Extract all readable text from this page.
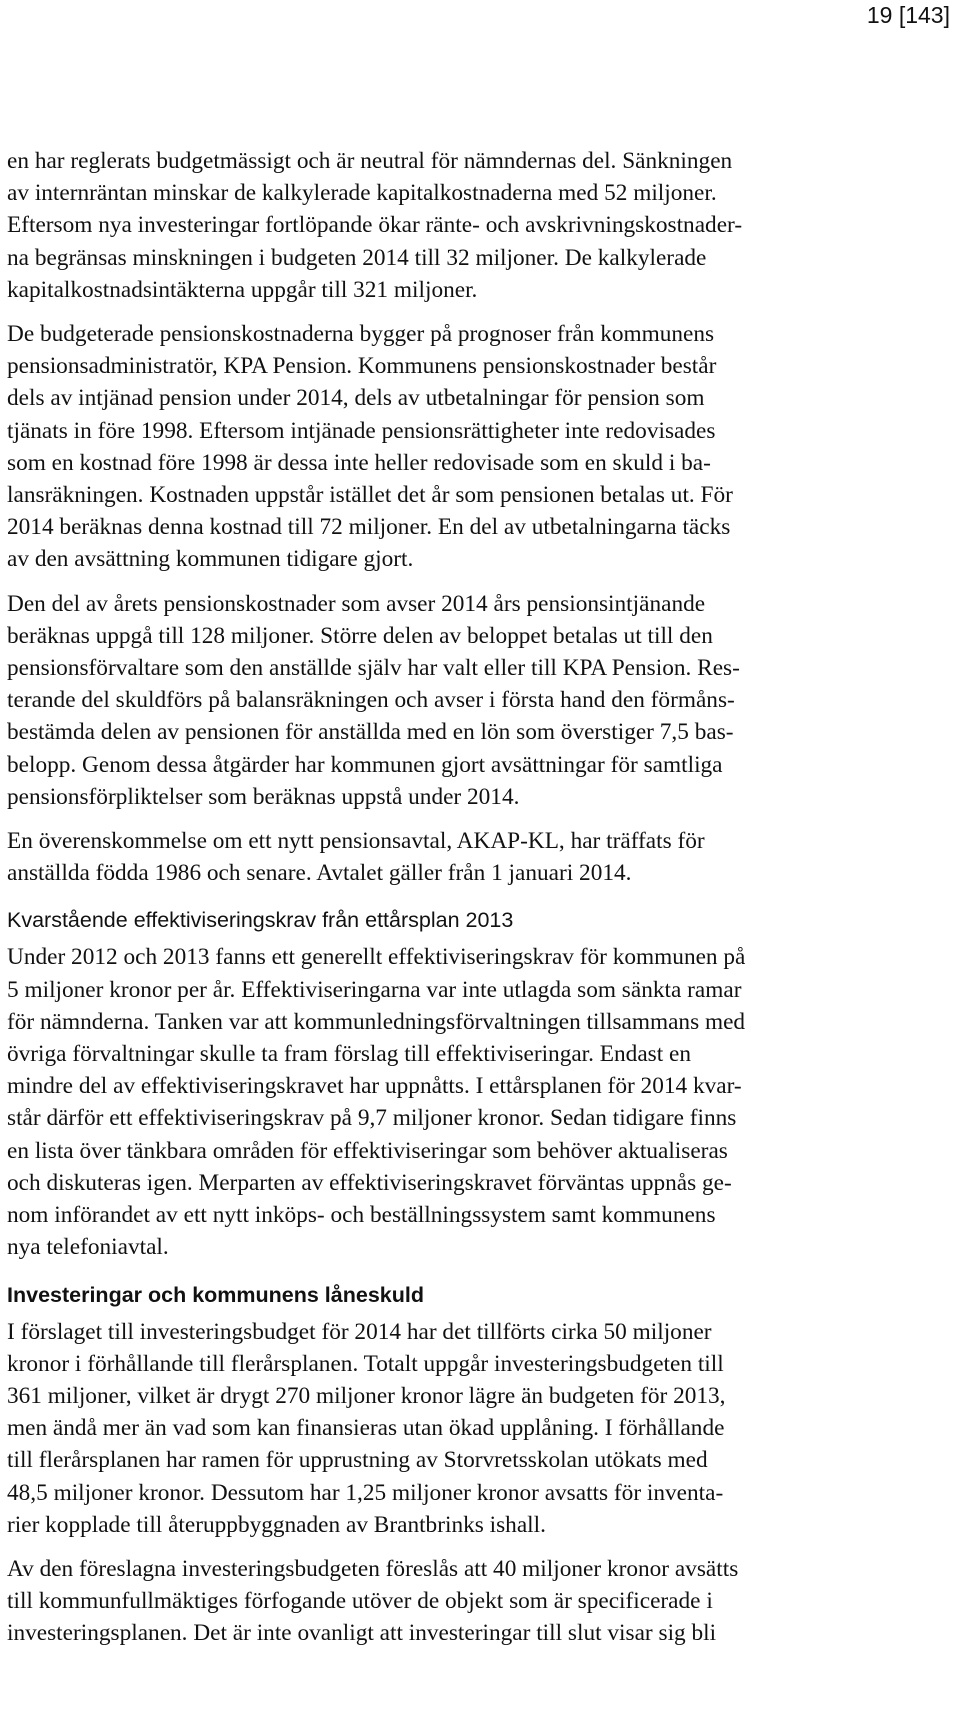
19 [143]

en har reglerats budgetmässigt och är neutral för nämndernas del. Sänkningen
av internräntan minskar de kalkylerade kapitalkostnaderna med 52 miljoner.
Eftersom nya investeringar fortlöpande ökar ränte- och avskrivningskostnader-
na begränsas minskningen i budgeten 2014 till 32 miljoner. De kalkylerade
kapitalkostnadsintäkterna uppgår till 321 miljoner.

De budgeterade pensionskostnaderna bygger på prognoser från kommunens
pensionsadministratör, KPA Pension. Kommunens pensionskostnader består
dels av intjänad pension under 2014, dels av utbetalningar för pension som
tjänats in före 1998. Eftersom intjänade pensionsrättigheter inte redovisades
som en kostnad före 1998 är dessa inte heller redovisade som en skuld i ba-
lansräkningen. Kostnaden uppstår istället det år som pensionen betalas ut. För
2014 beräknas denna kostnad till 72 miljoner. En del av utbetalningarna täcks
av den avsättning kommunen tidigare gjort.

Den del av årets pensionskostnader som avser 2014 års pensionsintjänande
beräknas uppgå till 128 miljoner. Större delen av beloppet betalas ut till den
pensionsförvaltare som den anställde själv har valt eller till KPA Pension. Res-
terande del skuldförs på balansräkningen och avser i första hand den förmåns-
bestämda delen av pensionen för anställda med en lön som överstiger 7,5 bas-
belopp. Genom dessa åtgärder har kommunen gjort avsättningar för samtliga
pensionsförpliktelser som beräknas uppstå under 2014.

En överenskommelse om ett nytt pensionsavtal, AKAP-KL, har träffats för
anställda födda 1986 och senare. Avtalet gäller från 1 januari 2014.

Kvarstående effektiviseringskrav från ettårsplan 2013

Under 2012 och 2013 fanns ett generellt effektiviseringskrav för kommunen på
5 miljoner kronor per år. Effektiviseringarna var inte utlagda som sänkta ramar
för nämnderna. Tanken var att kommunledningsförvaltningen tillsammans med
övriga förvaltningar skulle ta fram förslag till effektiviseringar. Endast en
mindre del av effektiviseringskravet har uppnåtts. I ettårsplanen för 2014 kvar-
står därför ett effektiviseringskrav på 9,7 miljoner kronor. Sedan tidigare finns
en lista över tänkbara områden för effektiviseringar som behöver aktualiseras
och diskuteras igen. Merparten av effektiviseringskravet förväntas uppnås ge-
nom införandet av ett nytt inköps- och beställningssystem samt kommunens
nya telefoniavtal.

Investeringar och kommunens låneskuld

I förslaget till investeringsbudget för 2014 har det tillförts cirka 50 miljoner
kronor i förhållande till flerårsplanen. Totalt uppgår investeringsbudgeten till
361 miljoner, vilket är drygt 270 miljoner kronor lägre än budgeten för 2013,
men ändå mer än vad som kan finansieras utan ökad upplåning. I förhållande
till flerårsplanen har ramen för upprustning av Storvretsskolan utökats med
48,5 miljoner kronor. Dessutom har 1,25 miljoner kronor avsatts för inventa-
rier kopplade till återuppbyggnaden av Brantbrinks ishall.

Av den föreslagna investeringsbudgeten föreslås att 40 miljoner kronor avsätts
till kommunfullmäktiges förfogande utöver de objekt som är specificerade i
investeringsplanen. Det är inte ovanligt att investeringar till slut visar sig bli
